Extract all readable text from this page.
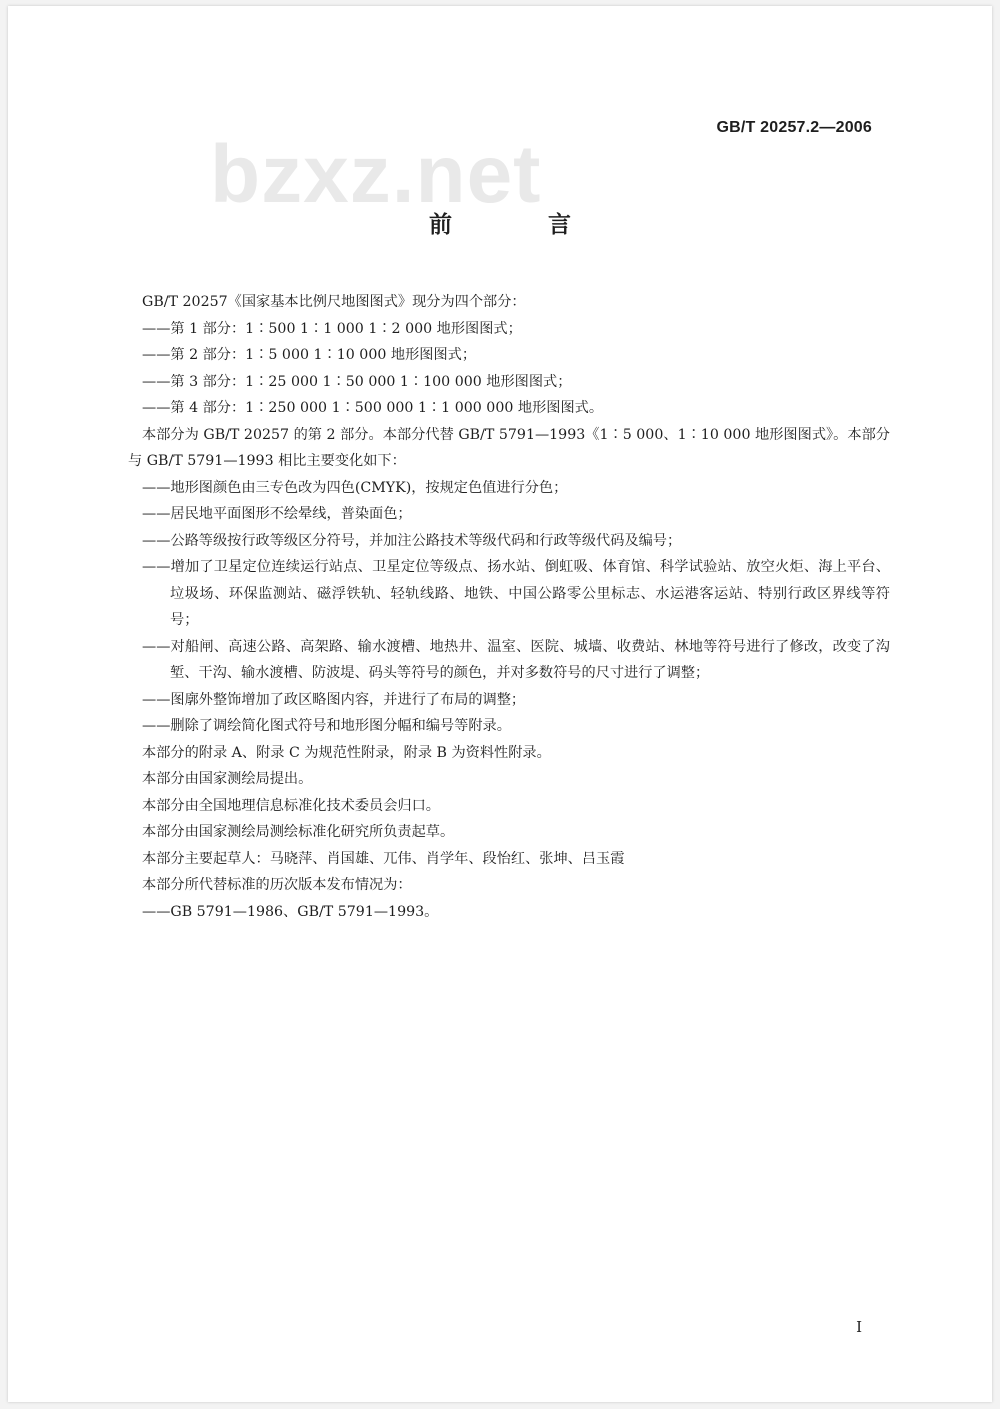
bzxz.net
GB/T 20257.2—2006
前 言

GB/T 20257《国家基本比例尺地图图式》现分为四个部分：

——第 1 部分：1∶500 1∶1 000 1∶2 000 地形图图式；

——第 2 部分：1∶5 000 1∶10 000 地形图图式；

——第 3 部分：1∶25 000 1∶50 000 1∶100 000 地形图图式；

——第 4 部分：1∶250 000 1∶500 000 1∶1 000 000 地形图图式。

本部分为 GB/T 20257 的第 2 部分。本部分代替 GB/T 5791—1993《1∶5 000、1∶10 000 地形图图式》。本部分与 GB/T 5791—1993 相比主要变化如下：

——地形图颜色由三专色改为四色(CMYK)，按规定色值进行分色；

——居民地平面图形不绘晕线，普染面色；

——公路等级按行政等级区分符号，并加注公路技术等级代码和行政等级代码及编号；

——增加了卫星定位连续运行站点、卫星定位等级点、扬水站、倒虹吸、体育馆、科学试验站、放空火炬、海上平台、垃圾场、环保监测站、磁浮铁轨、轻轨线路、地铁、中国公路零公里标志、水运港客运站、特别行政区界线等符号；

——对船闸、高速公路、高架路、输水渡槽、地热井、温室、医院、城墙、收费站、林地等符号进行了修改，改变了沟堑、干沟、输水渡槽、防波堤、码头等符号的颜色，并对多数符号的尺寸进行了调整；

——图廓外整饰增加了政区略图内容，并进行了布局的调整；

——删除了调绘简化图式符号和地形图分幅和编号等附录。

本部分的附录 A、附录 C 为规范性附录，附录 B 为资料性附录。

本部分由国家测绘局提出。

本部分由全国地理信息标准化技术委员会归口。

本部分由国家测绘局测绘标准化研究所负责起草。

本部分主要起草人：马晓萍、肖国雄、兀伟、肖学年、段怡红、张坤、吕玉霞

本部分所代替标准的历次版本发布情况为：

——GB 5791—1986、GB/T 5791—1993。

I
